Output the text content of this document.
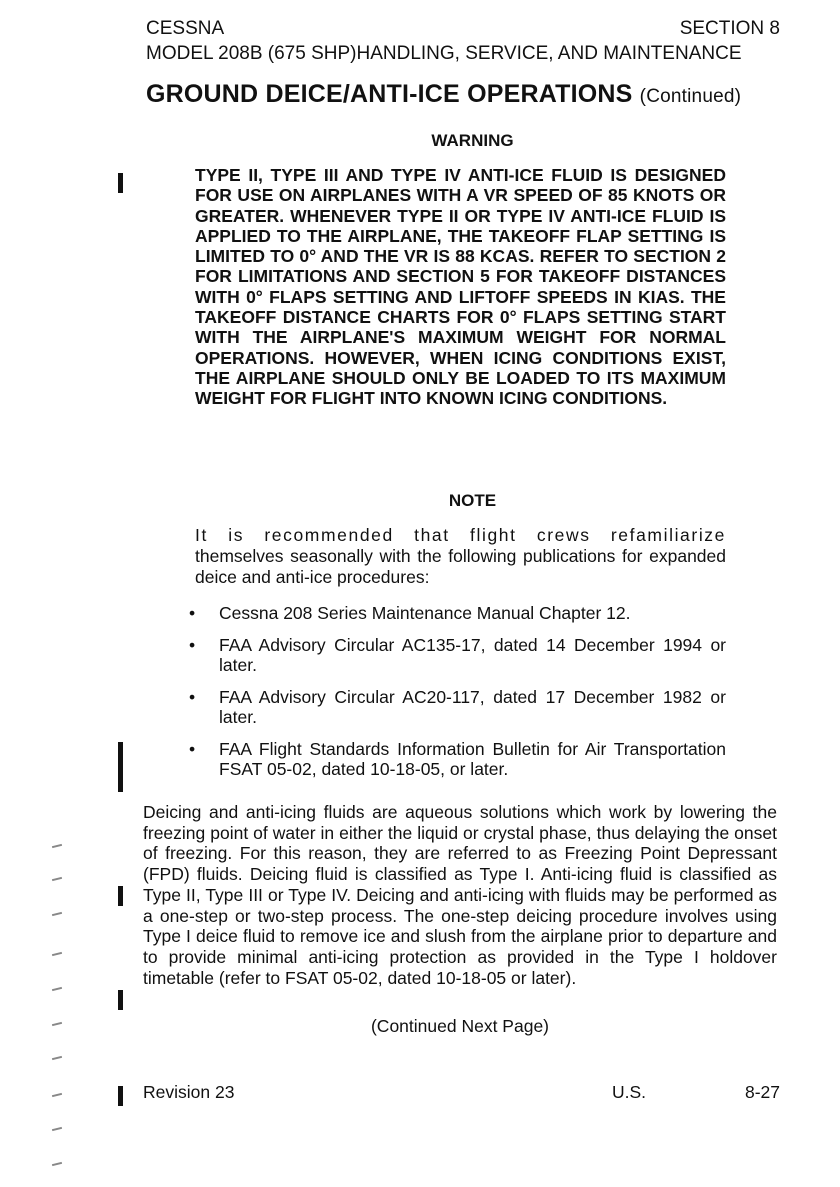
CESSNA	SECTION 8
MODEL 208B (675 SHP)HANDLING, SERVICE, AND MAINTENANCE
GROUND DEICE/ANTI-ICE OPERATIONS (Continued)
WARNING
TYPE II, TYPE III AND TYPE IV ANTI-ICE FLUID IS DESIGNED FOR USE ON AIRPLANES WITH A VR SPEED OF 85 KNOTS OR GREATER. WHENEVER TYPE II OR TYPE IV ANTI-ICE FLUID IS APPLIED TO THE AIRPLANE, THE TAKEOFF FLAP SETTING IS LIMITED TO 0° AND THE VR IS 88 KCAS. REFER TO SECTION 2 FOR LIMITATIONS AND SECTION 5 FOR TAKEOFF DISTANCES WITH 0° FLAPS SETTING AND LIFTOFF SPEEDS IN KIAS. THE TAKEOFF DISTANCE CHARTS FOR 0° FLAPS SETTING START WITH THE AIRPLANE'S MAXIMUM WEIGHT FOR NORMAL OPERATIONS. HOWEVER, WHEN ICING CONDITIONS EXIST, THE AIRPLANE SHOULD ONLY BE LOADED TO ITS MAXIMUM WEIGHT FOR FLIGHT INTO KNOWN ICING CONDITIONS.
NOTE
It is recommended that flight crews refamiliarize themselves seasonally with the following publications for expanded deice and anti-ice procedures:
• Cessna 208 Series Maintenance Manual Chapter 12.
• FAA Advisory Circular AC135-17, dated 14 December 1994 or later.
• FAA Advisory Circular AC20-117, dated 17 December 1982 or later.
• FAA Flight Standards Information Bulletin for Air Transportation FSAT 05-02, dated 10-18-05, or later.
Deicing and anti-icing fluids are aqueous solutions which work by lowering the freezing point of water in either the liquid or crystal phase, thus delaying the onset of freezing. For this reason, they are referred to as Freezing Point Depressant (FPD) fluids. Deicing fluid is classified as Type I. Anti-icing fluid is classified as Type II, Type III or Type IV. Deicing and anti-icing with fluids may be performed as a one-step or two-step process. The one-step deicing procedure involves using Type I deice fluid to remove ice and slush from the airplane prior to departure and to provide minimal anti-icing protection as provided in the Type I holdover timetable (refer to FSAT 05-02, dated 10-18-05 or later).
(Continued Next Page)
Revision 23	U.S.	8-27
